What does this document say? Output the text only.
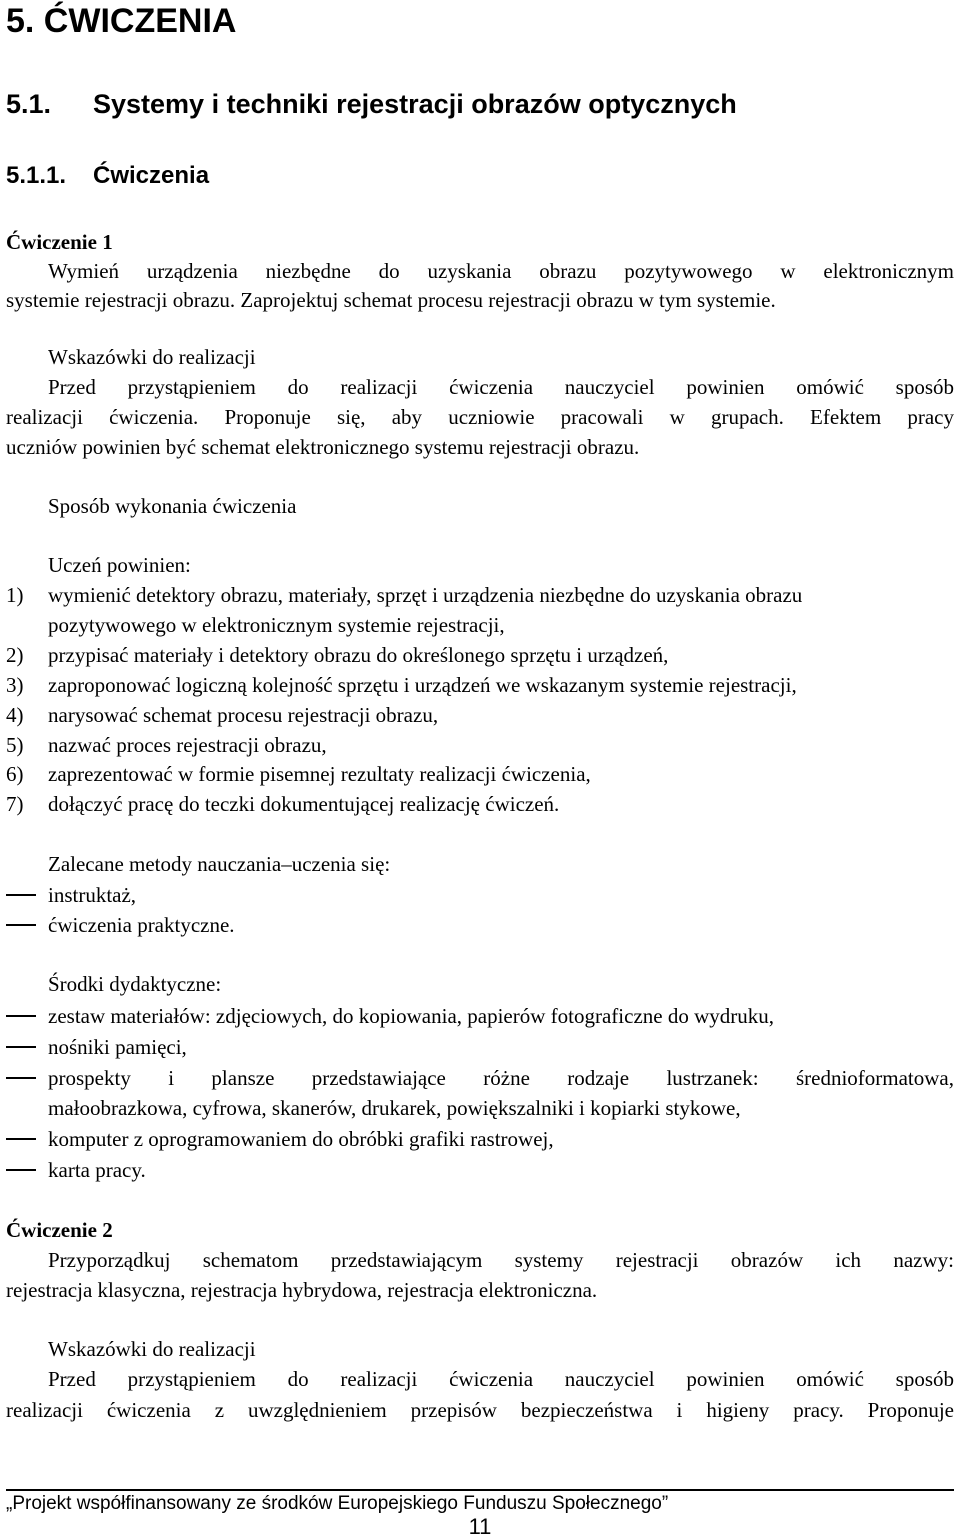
5. ĆWICZENIA
5.1. Systemy i techniki rejestracji obrazów optycznych
5.1.1. Ćwiczenia
Ćwiczenie 1
Wymień urządzenia niezbędne do uzyskania obrazu pozytywowego w elektronicznym
systemie rejestracji obrazu. Zaprojektuj schemat procesu rejestracji obrazu w tym systemie.
Wskazówki do realizacji
Przed przystąpieniem do realizacji ćwiczenia nauczyciel powinien omówić sposób
realizacji ćwiczenia. Proponuje się, aby uczniowie pracowali w grupach. Efektem pracy
uczniów powinien być schemat elektronicznego systemu rejestracji obrazu.
Sposób wykonania ćwiczenia
Uczeń powinien:
1) wymienić detektory obrazu, materiały, sprzęt i urządzenia niezbędne do uzyskania obrazu
pozytywowego w elektronicznym systemie rejestracji,
2) przypisać materiały i detektory obrazu do określonego sprzętu i urządzeń,
3) zaproponować logiczną kolejność sprzętu i urządzeń we wskazanym systemie rejestracji,
4) narysować schemat procesu rejestracji obrazu,
5) nazwać proces rejestracji obrazu,
6) zaprezentować w formie pisemnej rezultaty realizacji ćwiczenia,
7) dołączyć pracę do teczki dokumentującej realizację ćwiczeń.
Zalecane metody nauczania–uczenia się:
instruktaż,
ćwiczenia praktyczne.
Środki dydaktyczne:
zestaw materiałów: zdjęciowych, do kopiowania, papierów fotograficzne do wydruku,
nośniki pamięci,
prospekty i plansze przedstawiające różne rodzaje lustrzanek: średnioformatowa,
małoobrazkowa, cyfrowa, skanerów, drukarek, powiększalniki i kopiarki stykowe,
komputer z oprogramowaniem do obróbki grafiki rastrowej,
karta pracy.
Ćwiczenie 2
Przyporządkuj schematom przedstawiającym systemy rejestracji obrazów ich nazwy:
rejestracja klasyczna, rejestracja hybrydowa, rejestracja elektroniczna.
Wskazówki do realizacji
Przed przystąpieniem do realizacji ćwiczenia nauczyciel powinien omówić sposób
realizacji ćwiczenia z uwzględnieniem przepisów bezpieczeństwa i higieny pracy. Proponuje
„Projekt współfinansowany ze środków Europejskiego Funduszu Społecznego”
11
